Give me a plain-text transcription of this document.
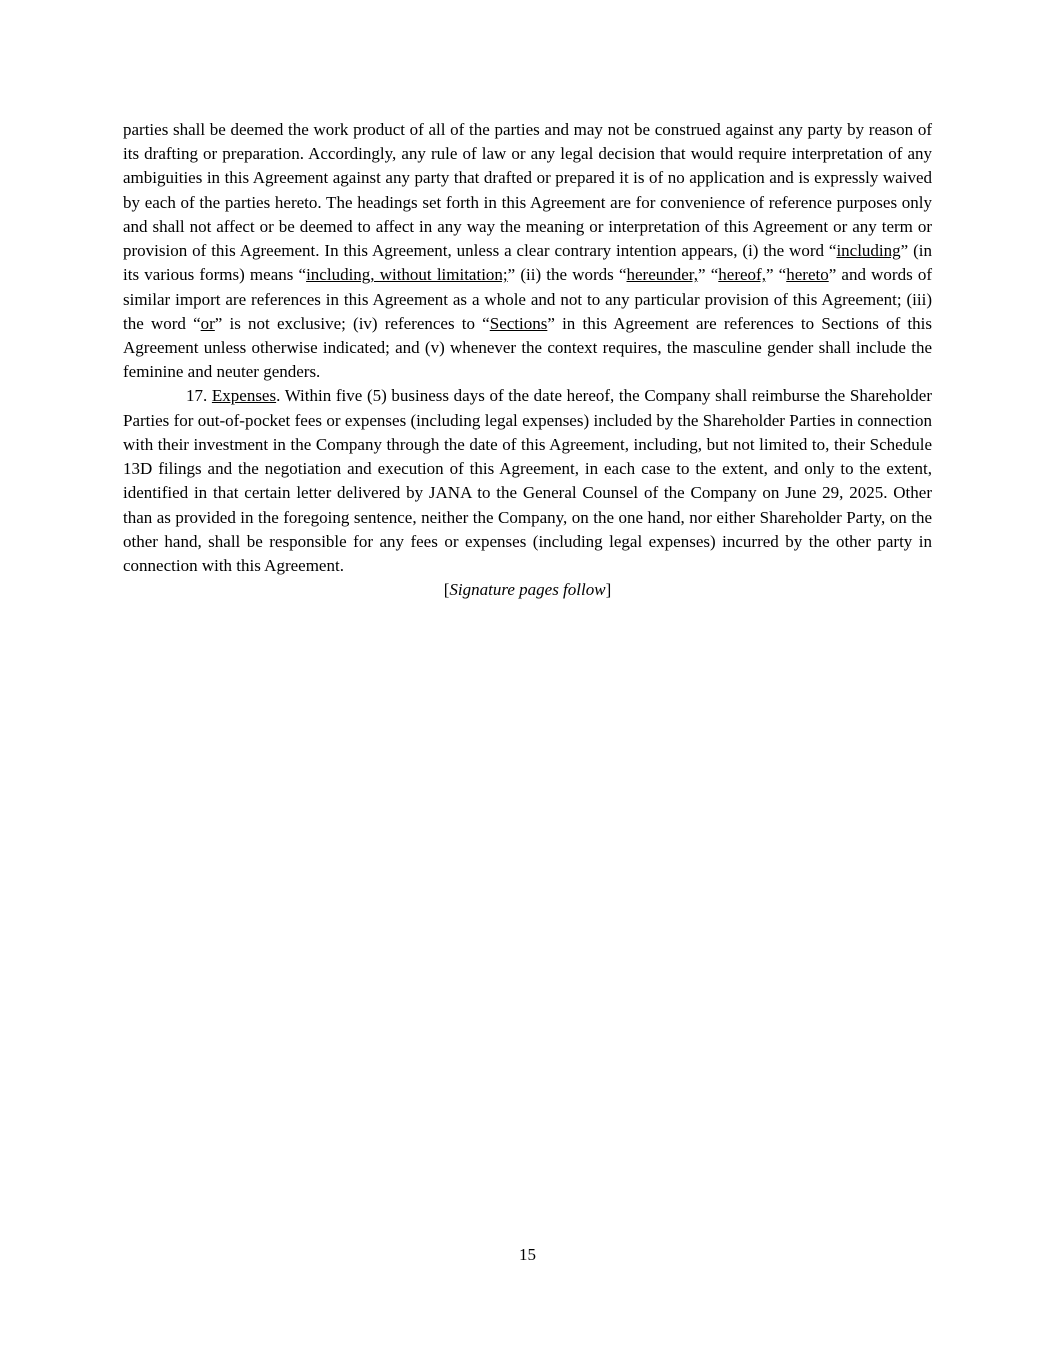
parties shall be deemed the work product of all of the parties and may not be construed against any party by reason of its drafting or preparation. Accordingly, any rule of law or any legal decision that would require interpretation of any ambiguities in this Agreement against any party that drafted or prepared it is of no application and is expressly waived by each of the parties hereto. The headings set forth in this Agreement are for convenience of reference purposes only and shall not affect or be deemed to affect in any way the meaning or interpretation of this Agreement or any term or provision of this Agreement. In this Agreement, unless a clear contrary intention appears, (i) the word “including” (in its various forms) means “including, without limitation;” (ii) the words “hereunder,” “hereof,” “hereto” and words of similar import are references in this Agreement as a whole and not to any particular provision of this Agreement; (iii) the word “or” is not exclusive; (iv) references to “Sections” in this Agreement are references to Sections of this Agreement unless otherwise indicated; and (v) whenever the context requires, the masculine gender shall include the feminine and neuter genders.

17. Expenses. Within five (5) business days of the date hereof, the Company shall reimburse the Shareholder Parties for out-of-pocket fees or expenses (including legal expenses) included by the Shareholder Parties in connection with their investment in the Company through the date of this Agreement, including, but not limited to, their Schedule 13D filings and the negotiation and execution of this Agreement, in each case to the extent, and only to the extent, identified in that certain letter delivered by JANA to the General Counsel of the Company on June 29, 2025. Other than as provided in the foregoing sentence, neither the Company, on the one hand, nor either Shareholder Party, on the other hand, shall be responsible for any fees or expenses (including legal expenses) incurred by the other party in connection with this Agreement.

[Signature pages follow]

15
